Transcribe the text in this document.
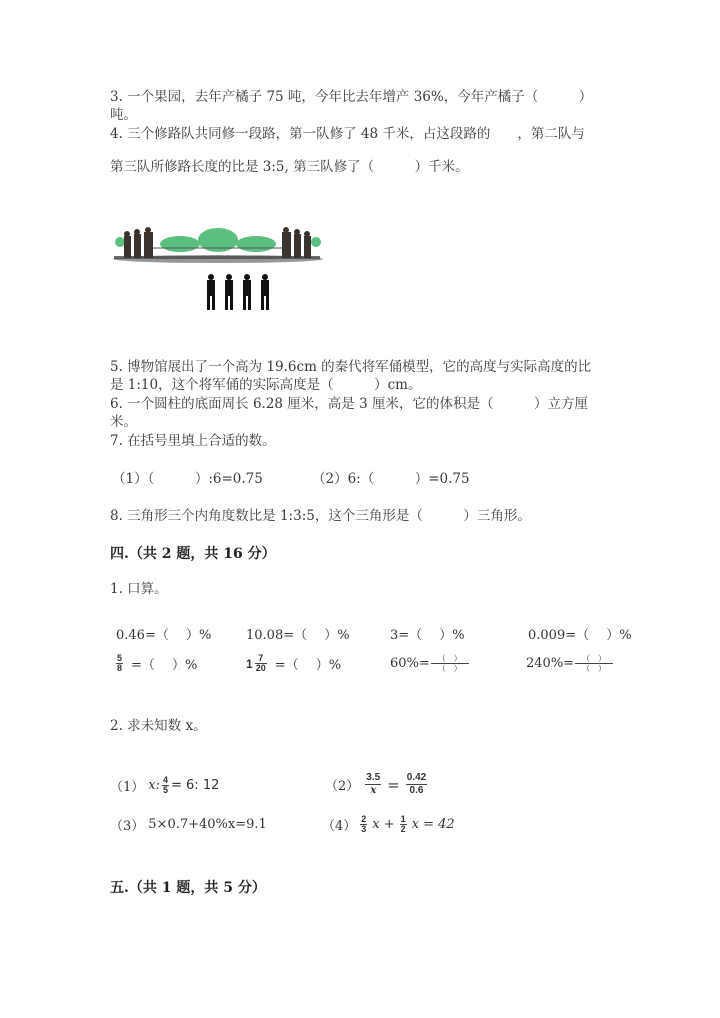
3. 一个果园，去年产橘子 75 吨，今年比去年增产 36%，今年产橘子（　　　）
吨。
4. 三个修路队共同修一段路，第一队修了 48 千米，占这段路的　　，第二队与
第三队所修路长度的比是 3:5, 第三队修了（　　　）千米。
5. 博物馆展出了一个高为 19.6cm 的秦代将军俑模型，它的高度与实际高度的比
是 1:10，这个将军俑的实际高度是（　　　）cm。
6. 一个圆柱的底面周长 6.28 厘米，高是 3 厘米，它的体积是（　　　）立方厘
米。
7. 在括号里填上合适的数。
（1）（　　　）:6=0.75	（2）6:（　　　）=0.75
8. 三角形三个内角度数比是 1:3:5，这个三角形是（　　　）三角形。
四.（共 2 题，共 16 分）
1. 口算。
0.46=（　 ）%	10.08=（　 ）%	3=（　 ）%	0.009=（　 ）%
$\frac{5}{8}$ =（　 ）%	$1 \frac{7}{20}$ =（　 ）%	$60\%= \frac{( )}{( )}$	$240\%= \frac{( )}{( )}$
2. 求未知数 x。
（1） x: $\frac{4}{5} = 6$: 12	$(2) \frac{3.5}{x} = \frac{0.42}{0.6}$
（3） 5×0.7+40%x=9.1	$(4) \frac{2}{3}$ $x + \frac{1}{2}$ x = 42
五.（共 1 题，共 5 分）
